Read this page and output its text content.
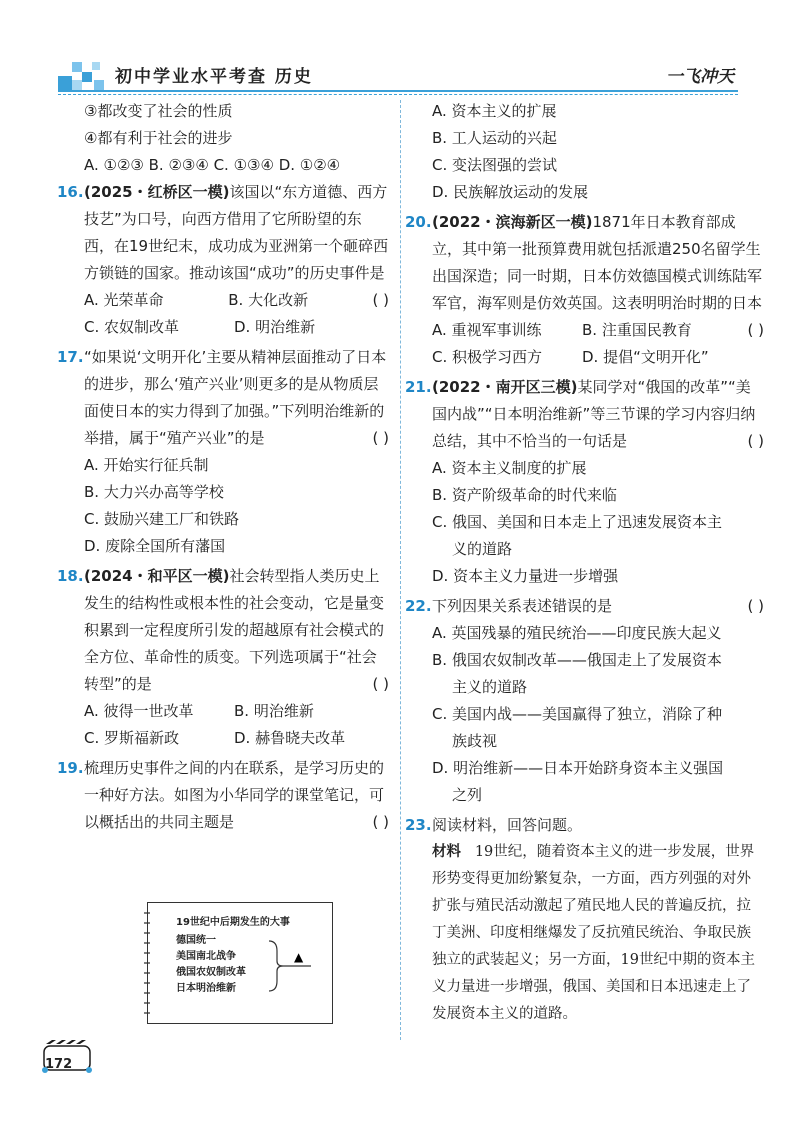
初中学业水平考查 历史	一飞冲天
③都改变了社会的性质
④都有利于社会的进步
A. ①②③ B. ②③④ C. ①③④ D. ①②④
16. (2025・红桥区一模)该国以“东方道德、西方技艺”为口号，向西方借用了它所盼望的东西，在19世纪末，成功成为亚洲第一个砸碎西方锁链的国家。推动该国“成功”的历史事件是
( )
A. 光荣革命	B. 大化改新
C. 农奴制改革	D. 明治维新
17. “如果说‘文明开化’主要从精神层面推动了日本的进步，那么‘殖产兴业’则更多的是从物质层面使日本的实力得到了加强。”下列明治维新的举措，属于“殖产兴业”的是	( )
A. 开始实行征兵制
B. 大力兴办高等学校
C. 鼓励兴建工厂和铁路
D. 废除全国所有藩国
18. (2024・和平区一模)社会转型指人类历史上发生的结构性或根本性的社会变动，它是量变积累到一定程度所引发的超越原有社会模式的全方位、革命性的质变。下列选项属于“社会转型”的是	( )
A. 彼得一世改革	B. 明治维新
C. 罗斯福新政	D. 赫鲁晓夫改革
19. 梳理历史事件之间的内在联系，是学习历史的一种好方法。如图为小华同学的课堂笔记，可以概括出的共同主题是	( )
19世纪中后期发生的大事
德国统一
美国南北战争
俄国农奴制改革
日本明治维新
▲
A. 资本主义的扩展
B. 工人运动的兴起
C. 变法图强的尝试
D. 民族解放运动的发展
20. (2022・滨海新区一模)1871年日本教育部成立，其中第一批预算费用就包括派遣250名留学生出国深造；同一时期，日本仿效德国模式训练陆军军官，海军则是仿效英国。这表明明治时期的日本
( )
A. 重视军事训练	B. 注重国民教育
C. 积极学习西方	D. 提倡“文明开化”
21. (2022・南开区三模)某同学对“俄国的改革”“美国内战”“日本明治维新”等三节课的学习内容归纳总结，其中不恰当的一句话是	( )
A. 资本主义制度的扩展
B. 资产阶级革命的时代来临
C. 俄国、美国和日本走上了迅速发展资本主
义的道路
D. 资本主义力量进一步增强
22. 下列因果关系表述错误的是	( )
A. 英国残暴的殖民统治——印度民族大起义
B. 俄国农奴制改革——俄国走上了发展资本
主义的道路
C. 美国内战——美国赢得了独立，消除了种
族歧视
D. 明治维新——日本开始跻身资本主义强国
之列
23. 阅读材料，回答问题。
材料 19世纪，随着资本主义的进一步发展，世界形势变得更加纷繁复杂，一方面，西方列强的对外扩张与殖民活动激起了殖民地人民的普遍反抗，拉丁美洲、印度相继爆发了反抗殖民统治、争取民族独立的武装起义；另一方面，19世纪中期的资本主义力量进一步增强，俄国、美国和日本迅速走上了发展资本主义的道路。
172
